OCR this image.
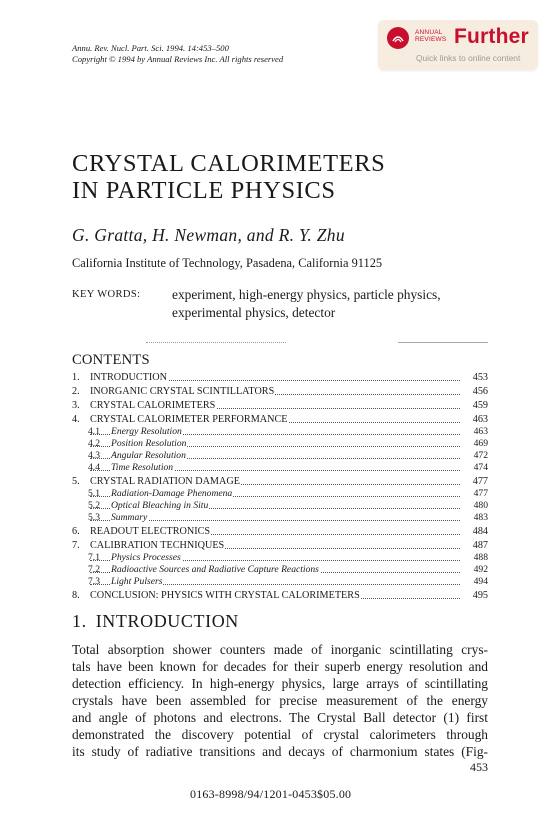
Annu. Rev. Nucl. Part. Sci. 1994. 14:453–500
Copyright © 1994 by Annual Reviews Inc. All rights reserved
ANNUAL
REVIEWS Further
Quick links to online content
CRYSTAL CALORIMETERS
IN PARTICLE PHYSICS
G. Gratta, H. Newman, and R. Y. Zhu
California Institute of Technology, Pasadena, California 91125
KEY WORDS: experiment, high-energy physics, particle physics, experimental physics, detector
CONTENTS
1. INTRODUCTION	453
2. INORGANIC CRYSTAL SCINTILLATORS	456
3. CRYSTAL CALORIMETERS	459
4. CRYSTAL CALORIMETER PERFORMANCE	463
4.1 Energy Resolution	463
4.2 Position Resolution	469
4.3 Angular Resolution	472
4.4 Time Resolution	474
5. CRYSTAL RADIATION DAMAGE	477
5.1 Radiation-Damage Phenomena	477
5.2 Optical Bleaching in Situ	480
5.3 Summary	483
6. READOUT ELECTRONICS	484
7. CALIBRATION TECHNIQUES	487
7.1 Physics Processes	488
7.2 Radioactive Sources and Radiative Capture Reactions	492
7.3 Light Pulsers	494
8. CONCLUSION: PHYSICS WITH CRYSTAL CALORIMETERS	495
1. INTRODUCTION
Total absorption shower counters made of inorganic scintillating crys-
tals have been known for decades for their superb energy resolution and
detection efficiency. In high-energy physics, large arrays of scintillating
crystals have been assembled for precise measurement of the energy
and angle of photons and electrons. The Crystal Ball detector (1) first
demonstrated the discovery potential of crystal calorimeters through
its study of radiative transitions and decays of charmonium states (Fig-
453
0163-8998/94/1201-0453$05.00
